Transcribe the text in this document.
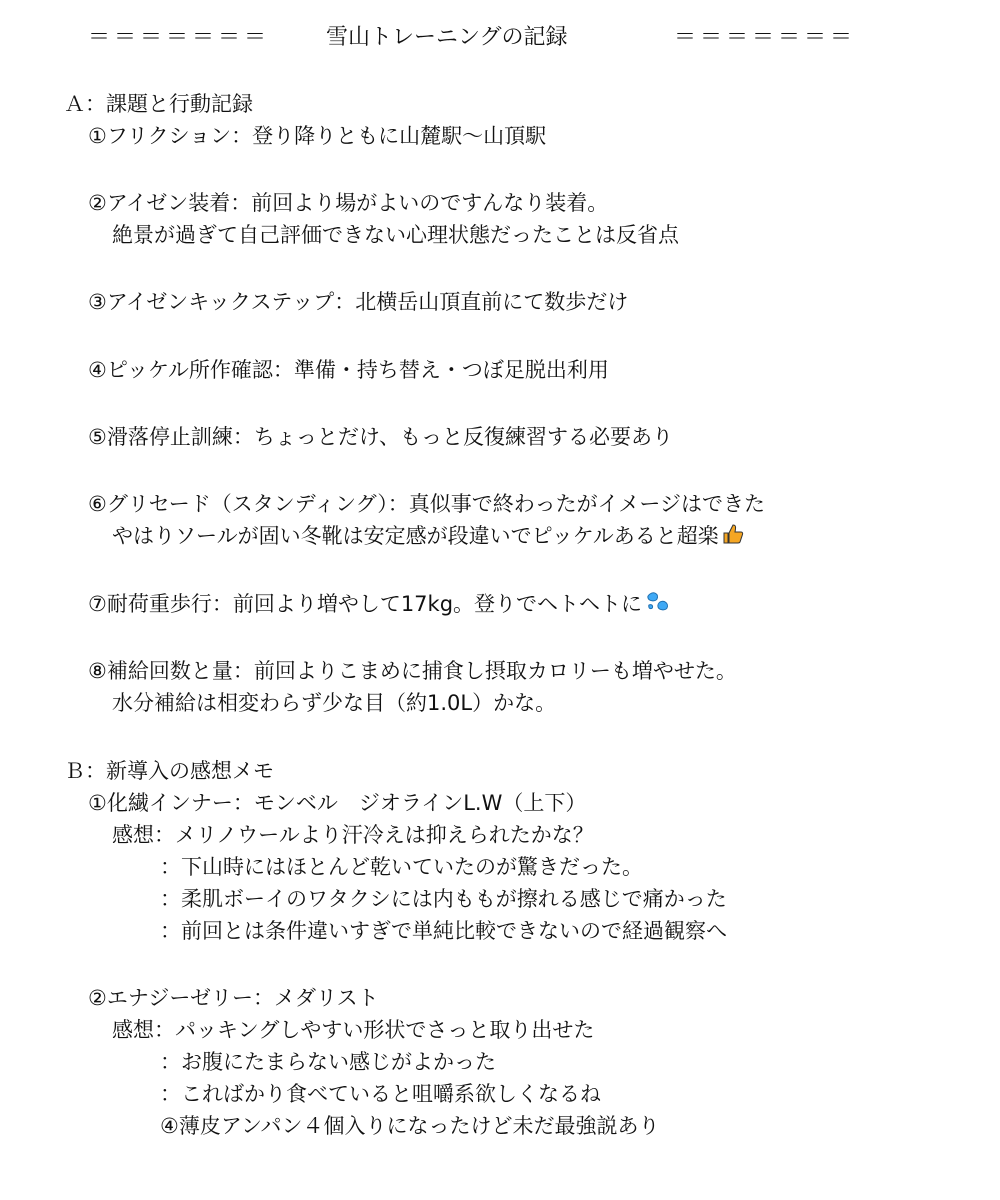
＝＝＝＝＝＝＝	雪山トレーニングの記録	＝＝＝＝＝＝＝
Ａ：課題と行動記録
①フリクション：登り降りともに山麓駅～山頂駅
②アイゼン装着：前回より場がよいのですんなり装着。
絶景が過ぎて自己評価できない心理状態だったことは反省点
③アイゼンキックステップ：北横岳山頂直前にて数歩だけ
④ピッケル所作確認：準備・持ち替え・つぼ足脱出利用
⑤滑落停止訓練：ちょっとだけ、もっと反復練習する必要あり
⑥グリセード（スタンディング）：真似事で終わったがイメージはできた
やはりソールが固い冬靴は安定感が段違いでピッケルあると超楽
⑦耐荷重歩行：前回より増やして17kg。登りでヘトヘトに
⑧補給回数と量：前回よりこまめに捕食し摂取カロリーも増やせた。
水分補給は相変わらず少な目（約1.0L）かな。
Ｂ：新導入の感想メモ
①化繊インナー：モンベル　ジオラインL.W（上下）
感想：メリノウールより汗冷えは抑えられたかな？
：下山時にはほとんど乾いていたのが驚きだった。
：柔肌ボーイのワタクシには内ももが擦れる感じで痛かった
：前回とは条件違いすぎで単純比較できないので経過観察へ
②エナジーゼリー：メダリスト
感想：パッキングしやすい形状でさっと取り出せた
：お腹にたまらない感じがよかった
：こればかり食べていると咀嚼系欲しくなるね
④薄皮アンパン４個入りになったけど未だ最強説あり
